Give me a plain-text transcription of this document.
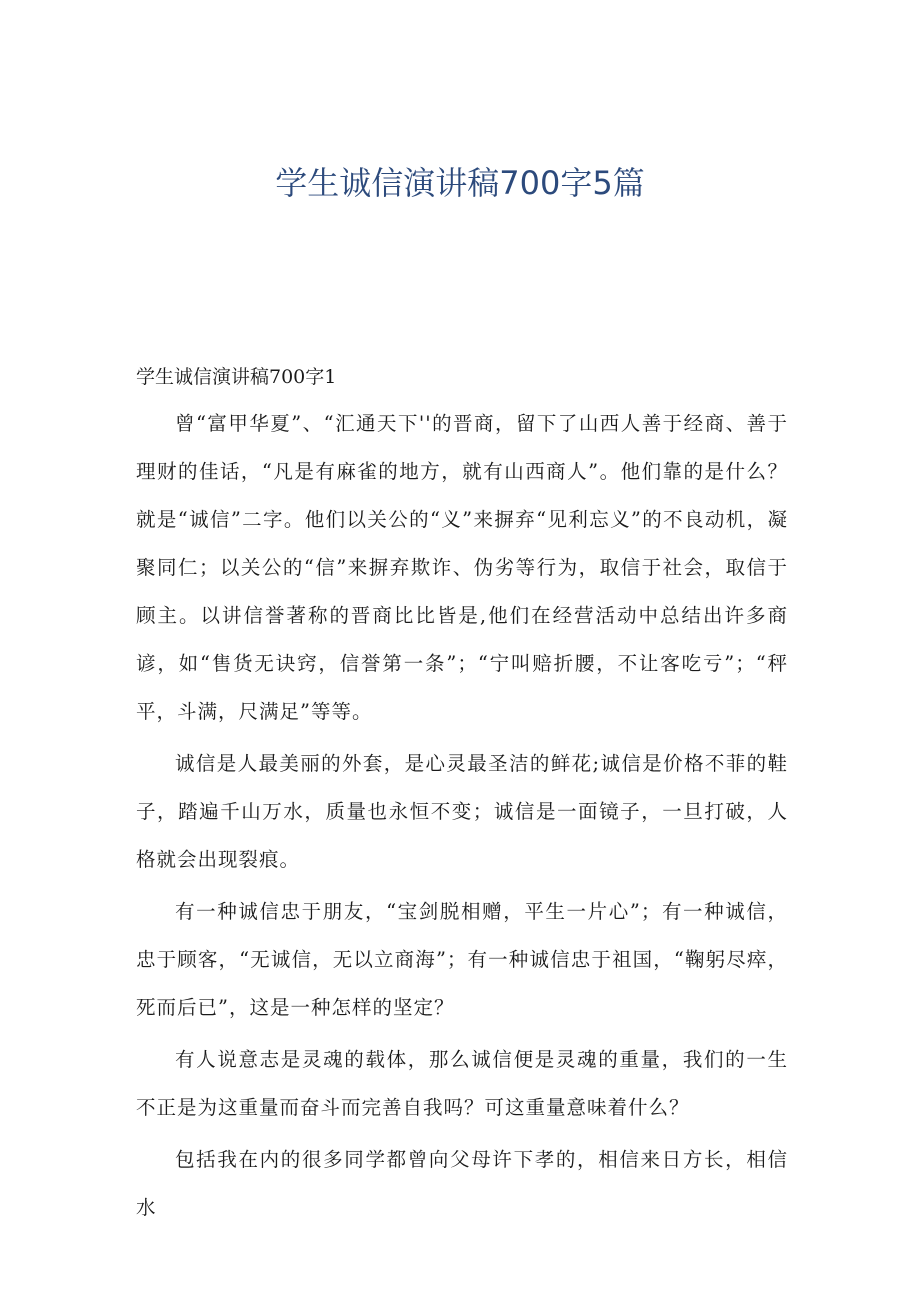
学生诚信演讲稿700字5篇
学生诚信演讲稿700字1

曾“富甲华夏”、“汇通天下''的晋商，留下了山西人善于经商、善于理财的佳话，“凡是有麻雀的地方，就有山西商人”。他们靠的是什么？就是“诚信”二字。他们以关公的“义”来摒弃“见利忘义”的不良动机，凝聚同仁；以关公的“信”来摒弃欺诈、伪劣等行为，取信于社会，取信于顾主。以讲信誉著称的晋商比比皆是,他们在经营活动中总结出许多商谚，如“售货无诀窍，信誉第一条”；“宁叫赔折腰，不让客吃亏”；“秤平，斗满，尺满足”等等。

诚信是人最美丽的外套，是心灵最圣洁的鲜花;诚信是价格不菲的鞋子，踏遍千山万水，质量也永恒不变；诚信是一面镜子，一旦打破，人格就会出现裂痕。

有一种诚信忠于朋友，“宝剑脱相赠，平生一片心”；有一种诚信，忠于顾客，“无诚信，无以立商海”；有一种诚信忠于祖国，“鞠躬尽瘁，死而后已”，这是一种怎样的坚定？

有人说意志是灵魂的载体，那么诚信便是灵魂的重量，我们的一生不正是为这重量而奋斗而完善自我吗？可这重量意味着什么？

包括我在内的很多同学都曾向父母许下孝的，相信来日方长，相信水
